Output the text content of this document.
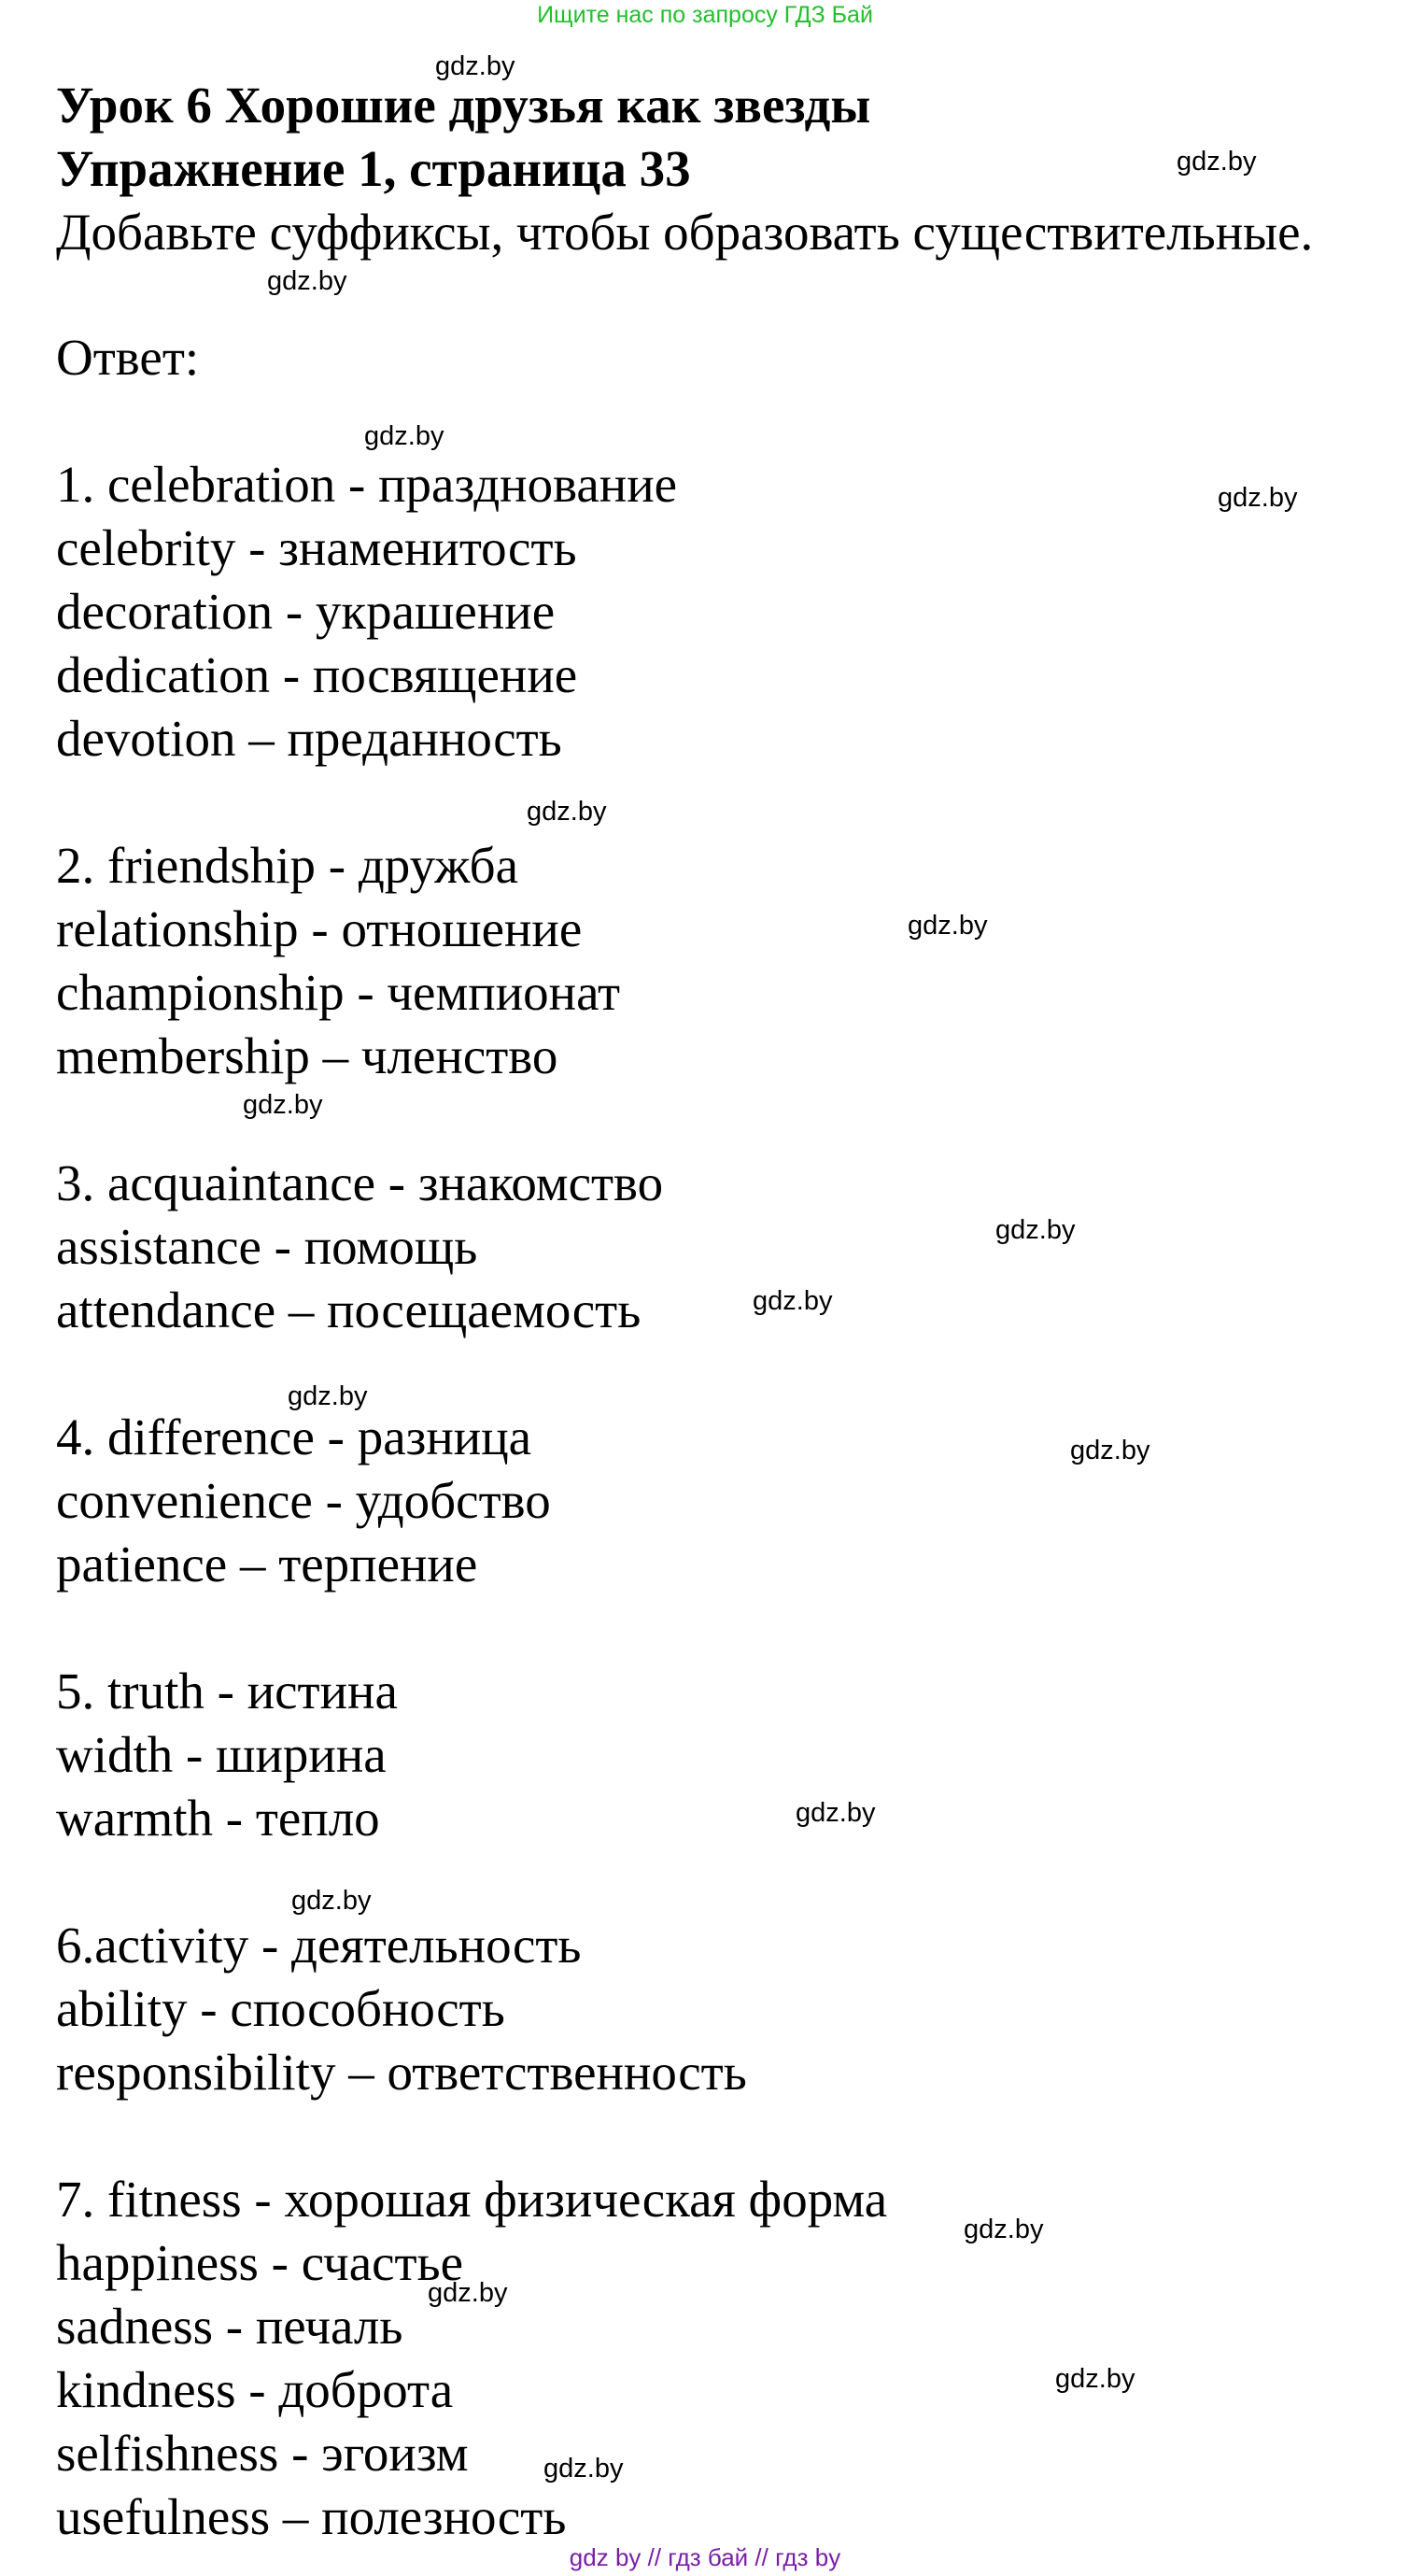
Ищите нас по запросу ГДЗ Бай
Урок 6 Хорошие друзья как звезды
Упражнение 1, страница 33
Добавьте суффиксы, чтобы образовать существительные.
Ответ:
1. celebration - празднование
celebrity - знаменитость
decoration - украшение
dedication - посвящение
devotion – преданность
2. friendship - дружба
relationship - отношение
championship - чемпионат
membership – членство
3. acquaintance - знакомство
assistance - помощь
attendance – посещаемость
4. difference - разница
convenience - удобство
patience – терпение
5. truth - истина
width - ширина
warmth - тепло
6.activity - деятельность
ability - способность
responsibility – ответственность
7. fitness - хорошая физическая форма
happiness - счастье
sadness - печаль
kindness - доброта
selfishness - эгоизм
usefulness – полезность
gdz.by
gdz.by
gdz.by
gdz.by
gdz.by
gdz.by
gdz.by
gdz.by
gdz.by
gdz.by
gdz.by
gdz.by
gdz.by
gdz.by
gdz.by
gdz.by
gdz.by
gdz.by
gdz by // гдз бай // гдз by
